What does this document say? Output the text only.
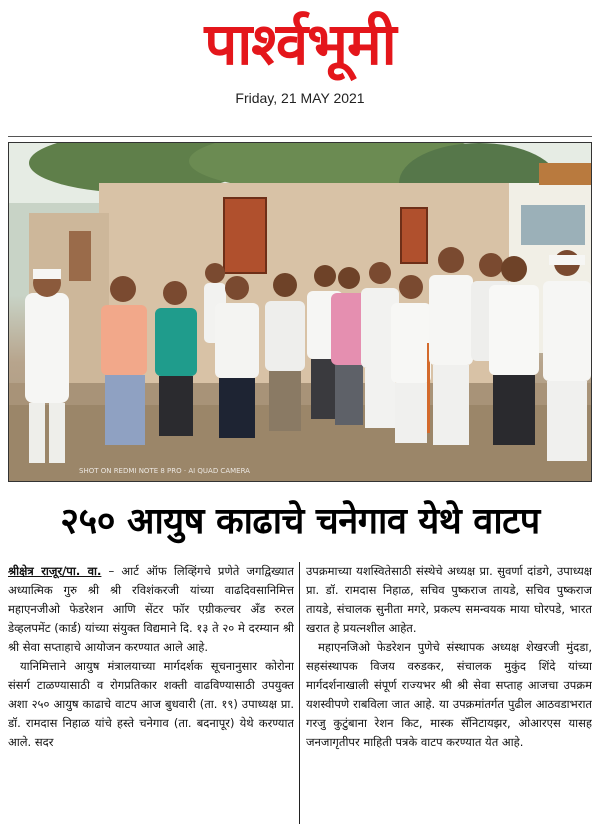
पार्श्वभूमी
Friday, 21 MAY 2021
SHOT ON REDMI NOTE 8 PRO · AI QUAD CAMERA
२५० आयुष काढाचे चनेगाव येथे वाटप

श्रीक्षेत्र राजूर/पा. वा. – आर्ट ऑफ लिव्हिंगचे प्रणेते जगद्विख्यात अध्यात्मिक गुरु श्री श्री रविशंकरजी यांच्या वाढदिवसानिमित्त महाएनजीओ फेडरेशन आणि सेंटर फॉर एग्रीकल्चर अँड रुरल डेव्हलपमेंट (कार्ड) यांच्या संयुक्त विद्यमाने दि. १३ ते २० मे दरम्यान श्री श्री सेवा सप्ताहाचे आयोजन करण्यात आले आहे.

यानिमित्ताने आयुष मंत्रालयाच्या मार्गदर्शक सूचनानुसार कोरोना संसर्ग टाळण्यासाठी व रोगप्रतिकार शक्ती वाढविण्यासाठी उपयुक्त अशा २५० आयुष काढाचे वाटप आज बुधवारी (ता. १९) उपाध्यक्ष प्रा. डॉ. रामदास निहाळ यांचे हस्ते चनेगाव (ता. बदनापूर) येथे करण्यात आले. सदर

उपक्रमाच्या यशस्वितेसाठी संस्थेचे अध्यक्ष प्रा. सुवर्णा दांडगे, उपाध्यक्ष प्रा. डॉ. रामदास निहाळ, सचिव पुष्कराज तायडे, सचिव पुष्कराज तायडे, संचालक सुनीता मगरे, प्रकल्प समन्वयक माया घोरपडे, भारत खरात हे प्रयत्नशील आहेत.

महाएनजिओ फेडरेशन पुणेचे संस्थापक अध्यक्ष शेखरजी मुंदडा, सहसंस्थापक विजय वरुडकर, संचालक मुकुंद शिंदे यांच्या मार्गदर्शनाखाली संपूर्ण राज्यभर श्री श्री सेवा सप्ताह आजचा उपक्रम यशस्वीपणे राबविला जात आहे. या उपक्रमांतर्गत पुढील आठवडाभरात गरजु कुटुंबाना रेशन किट, मास्क सॅनिटायझर, ओआरएस यासह जनजागृतीपर माहिती पत्रके वाटप करण्यात येत आहे.
